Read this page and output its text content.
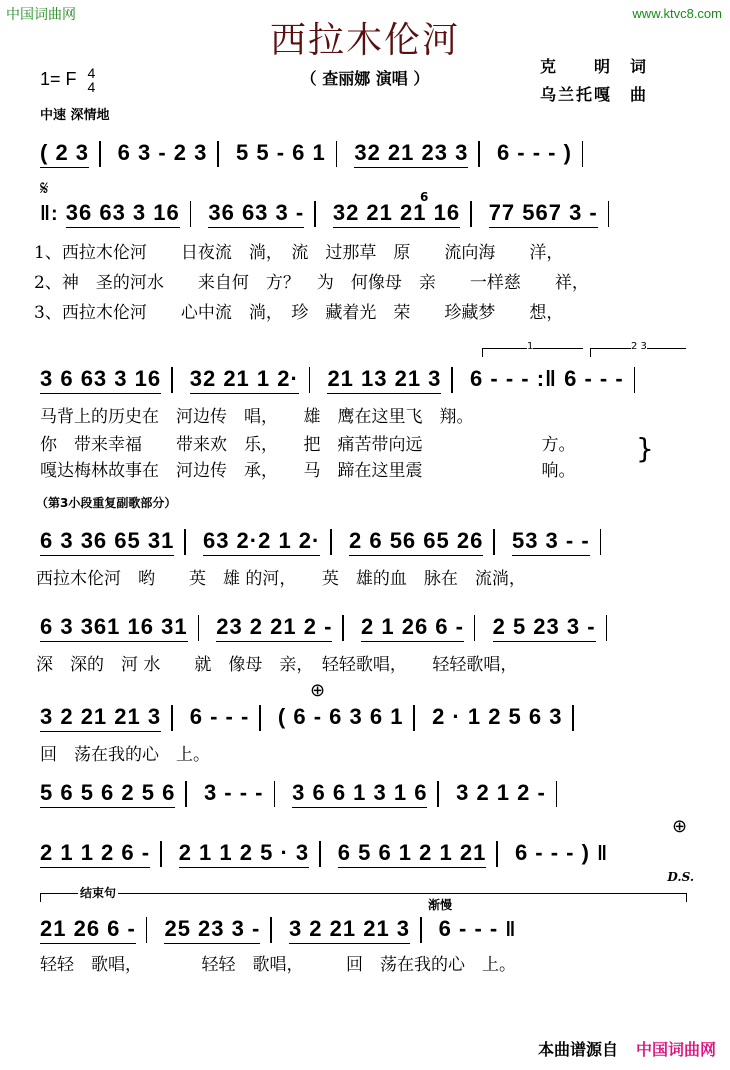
中国词曲网	www.ktvc8.com
西拉木伦河
（ 查丽娜 演唱 ）
克　　明　词
乌兰托嘎　曲
1= F 4
4
中速 深情地
( 2 3 6 3 - 2 3 5 5 - 6 1 32 21 23 3 6 - - - )
𝄋
‖: 36 63 3 16 36 63 3 - 32 21 21 16 77 567 3 -
6
1、西拉木伦河　　日夜流　淌，　流　过那草　原　　流向海　　洋，
2、神　圣的河水　　来自何　方？　为　何像母　亲　　一样慈　　祥，
3、西拉木伦河　　心中流　淌，　珍　藏着光　荣　　珍藏梦　　想，
1	2 3
3 6 63 3 16 32 21 1 2· 21 13 21 3 6 - - - :‖ 6 - - -
马背上的历史在　河边传　唱，　　雄　鹰在这里飞　翔。
你　带来幸福　　带来欢　乐，　　把　痛苦带向远　　　　　　　方。
嘎达梅林故事在　河边传　承，　　马　蹄在这里震　　　　　　　响。
}
（第3小段重复副歌部分）
6 3 36 65 31 63 2·2 1 2· 2 6 56 65 26 53 3 - -
西拉木伦河　哟　　英　雄 的河，　　英　雄的血　脉在　流淌，
6 3 361 16 31 23 2 21 2 - 2 1 26 6 - 2 5 23 3 -
深　深的　河 水　　就　像母　亲，　轻轻歌唱，　　轻轻歌唱，
⊕
3 2 21 21 3 6 - - - ( 6 - 6 3 6 1 2 · 1 2 5 6 3
回　荡在我的心　上。
5 6 5 6 2 5 6 3 - - - 3 6 6 1 3 1 6 3 2 1 2 -
⊕
2 1 1 2 6 - 2 1 1 2 5 · 3 6 5 6 1 2 1 21 6 - - - ) ‖
D.S.
结束句
渐慢
21 26 6 - 25 23 3 - 3 2 21 21 3 6 - - - ‖
轻轻　歌唱，　　　　轻轻　歌唱，　　　回　荡在我的心　上。
本曲谱源自 中国词曲网
